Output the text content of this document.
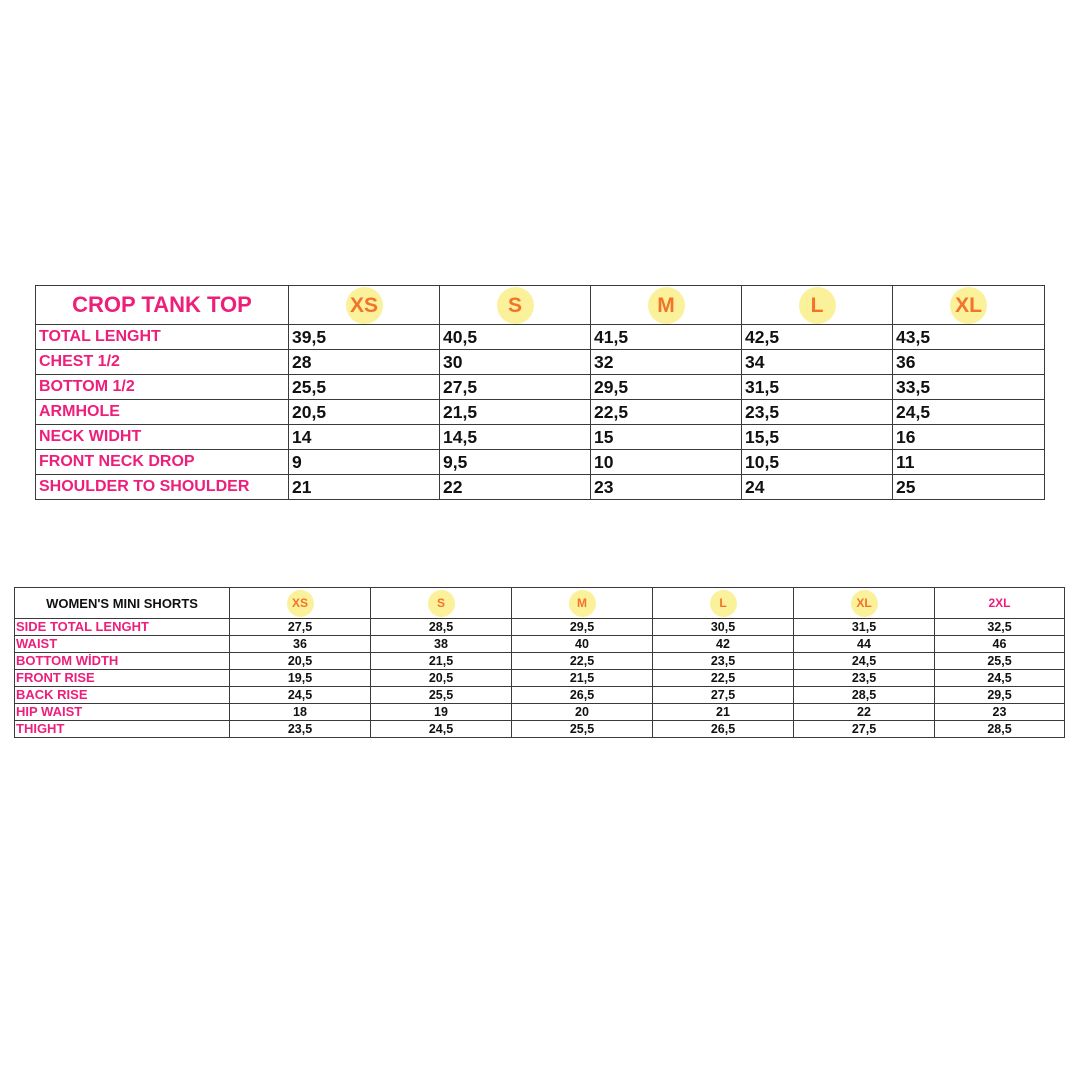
CROP TANK TOP	XS	S	M	L	XL
TOTAL LENGHT	39,5	40,5	41,5	42,5	43,5
CHEST 1/2	28	30	32	34	36
BOTTOM 1/2	25,5	27,5	29,5	31,5	33,5
ARMHOLE	20,5	21,5	22,5	23,5	24,5
NECK WIDHT	14	14,5	15	15,5	16
FRONT NECK DROP	9	9,5	10	10,5	11
SHOULDER TO SHOULDER	21	22	23	24	25
WOMEN'S MINI SHORTS	XS	S	M	L	XL	2XL
SIDE TOTAL LENGHT	27,5	28,5	29,5	30,5	31,5	32,5
WAIST	36	38	40	42	44	46
BOTTOM WİDTH	20,5	21,5	22,5	23,5	24,5	25,5
FRONT RISE	19,5	20,5	21,5	22,5	23,5	24,5
BACK RISE	24,5	25,5	26,5	27,5	28,5	29,5
HIP WAIST	18	19	20	21	22	23
THIGHT	23,5	24,5	25,5	26,5	27,5	28,5
